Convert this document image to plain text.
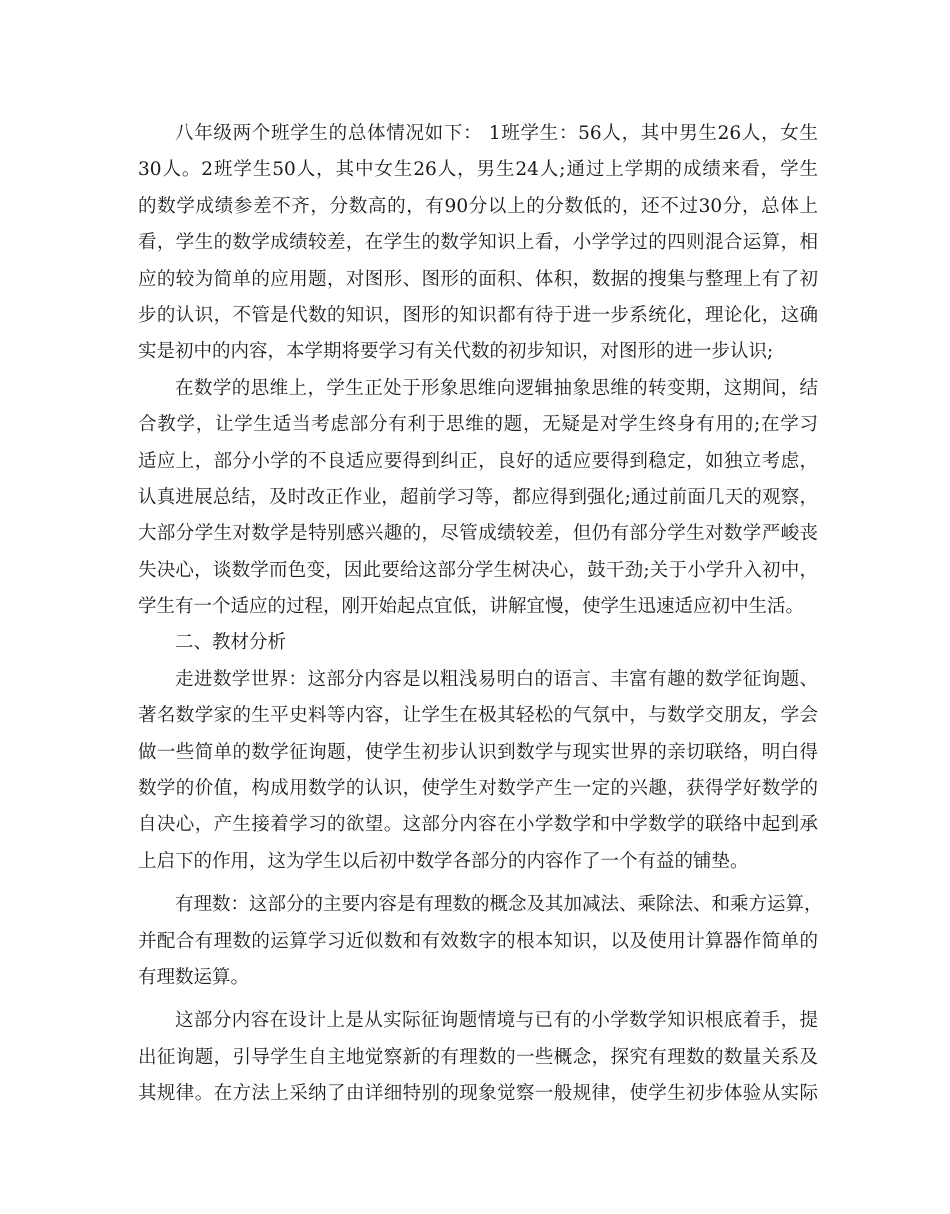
八年级两个班学生的总体情况如下： 1班学生：56人，其中男生26人，女生
30人。2班学生50人，其中女生26人，男生24人;通过上学期的成绩来看，学生
的数学成绩参差不齐，分数高的，有90分以上的分数低的，还不过30分，总体上
看，学生的数学成绩较差，在学生的数学知识上看，小学学过的四则混合运算，相
应的较为简单的应用题，对图形、图形的面积、体积，数据的搜集与整理上有了初
步的认识，不管是代数的知识，图形的知识都有待于进一步系统化，理论化，这确
实是初中的内容，本学期将要学习有关代数的初步知识，对图形的进一步认识;
在数学的思维上，学生正处于形象思维向逻辑抽象思维的转变期，这期间，结
合教学，让学生适当考虑部分有利于思维的题，无疑是对学生终身有用的;在学习
适应上，部分小学的不良适应要得到纠正，良好的适应要得到稳定，如独立考虑，
认真进展总结，及时改正作业，超前学习等，都应得到强化;通过前面几天的观察，
大部分学生对数学是特别感兴趣的，尽管成绩较差，但仍有部分学生对数学严峻丧
失决心，谈数学而色变，因此要给这部分学生树决心，鼓干劲;关于小学升入初中，
学生有一个适应的过程，刚开始起点宜低，讲解宜慢，使学生迅速适应初中生活。
二、教材分析
走进数学世界：这部分内容是以粗浅易明白的语言、丰富有趣的数学征询题、
著名数学家的生平史料等内容，让学生在极其轻松的气氛中，与数学交朋友，学会
做一些简单的数学征询题，使学生初步认识到数学与现实世界的亲切联络，明白得
数学的价值，构成用数学的认识，使学生对数学产生一定的兴趣，获得学好数学的
自决心，产生接着学习的欲望。这部分内容在小学数学和中学数学的联络中起到承
上启下的作用，这为学生以后初中数学各部分的内容作了一个有益的铺垫。
有理数：这部分的主要内容是有理数的概念及其加减法、乘除法、和乘方运算，
并配合有理数的运算学习近似数和有效数字的根本知识，以及使用计算器作简单的
有理数运算。
这部分内容在设计上是从实际征询题情境与已有的小学数学知识根底着手，提
出征询题，引导学生自主地觉察新的有理数的一些概念，探究有理数的数量关系及
其规律。在方法上采纳了由详细特别的现象觉察一般规律，使学生初步体验从实际
